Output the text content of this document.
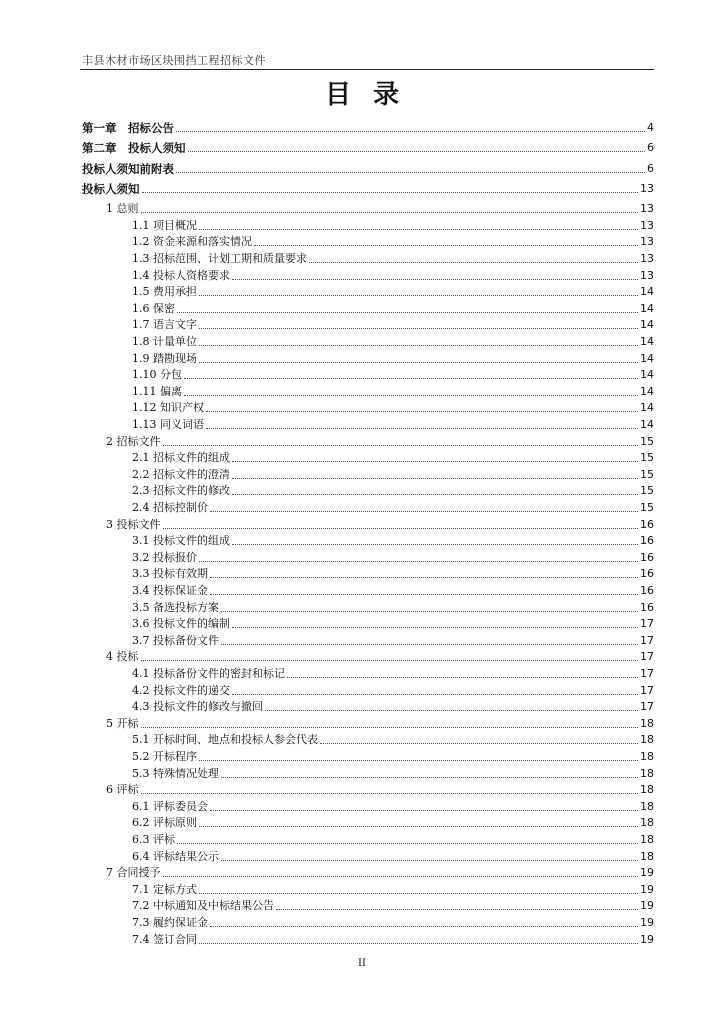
丰县木材市场区块围挡工程招标文件
目录
第一章　招标公告	4
第二章　投标人须知	6
投标人须知前附表	6
投标人须知	13
1 总则	13
1.1 项目概况	13
1.2 资金来源和落实情况	13
1.3 招标范围、计划工期和质量要求	13
1.4 投标人资格要求	13
1.5 费用承担	14
1.6 保密	14
1.7 语言文字	14
1.8 计量单位	14
1.9 踏勘现场	14
1.10 分包	14
1.11 偏离	14
1.12 知识产权	14
1.13 同义词语	14
2 招标文件	15
2.1 招标文件的组成	15
2.2 招标文件的澄清	15
2.3 招标文件的修改	15
2.4 招标控制价	15
3 投标文件	16
3.1 投标文件的组成	16
3.2 投标报价	16
3.3 投标有效期	16
3.4 投标保证金	16
3.5 备选投标方案	16
3.6 投标文件的编制	17
3.7 投标备份文件	17
4 投标	17
4.1 投标备份文件的密封和标记	17
4.2 投标文件的递交	17
4.3 投标文件的修改与撤回	17
5 开标	18
5.1 开标时间、地点和投标人参会代表	18
5.2 开标程序	18
5.3 特殊情况处理	18
6 评标	18
6.1 评标委员会	18
6.2 评标原则	18
6.3 评标	18
6.4 评标结果公示	18
7 合同授予	19
7.1 定标方式	19
7.2 中标通知及中标结果公告	19
7.3 履约保证金	19
7.4 签订合同	19
II
